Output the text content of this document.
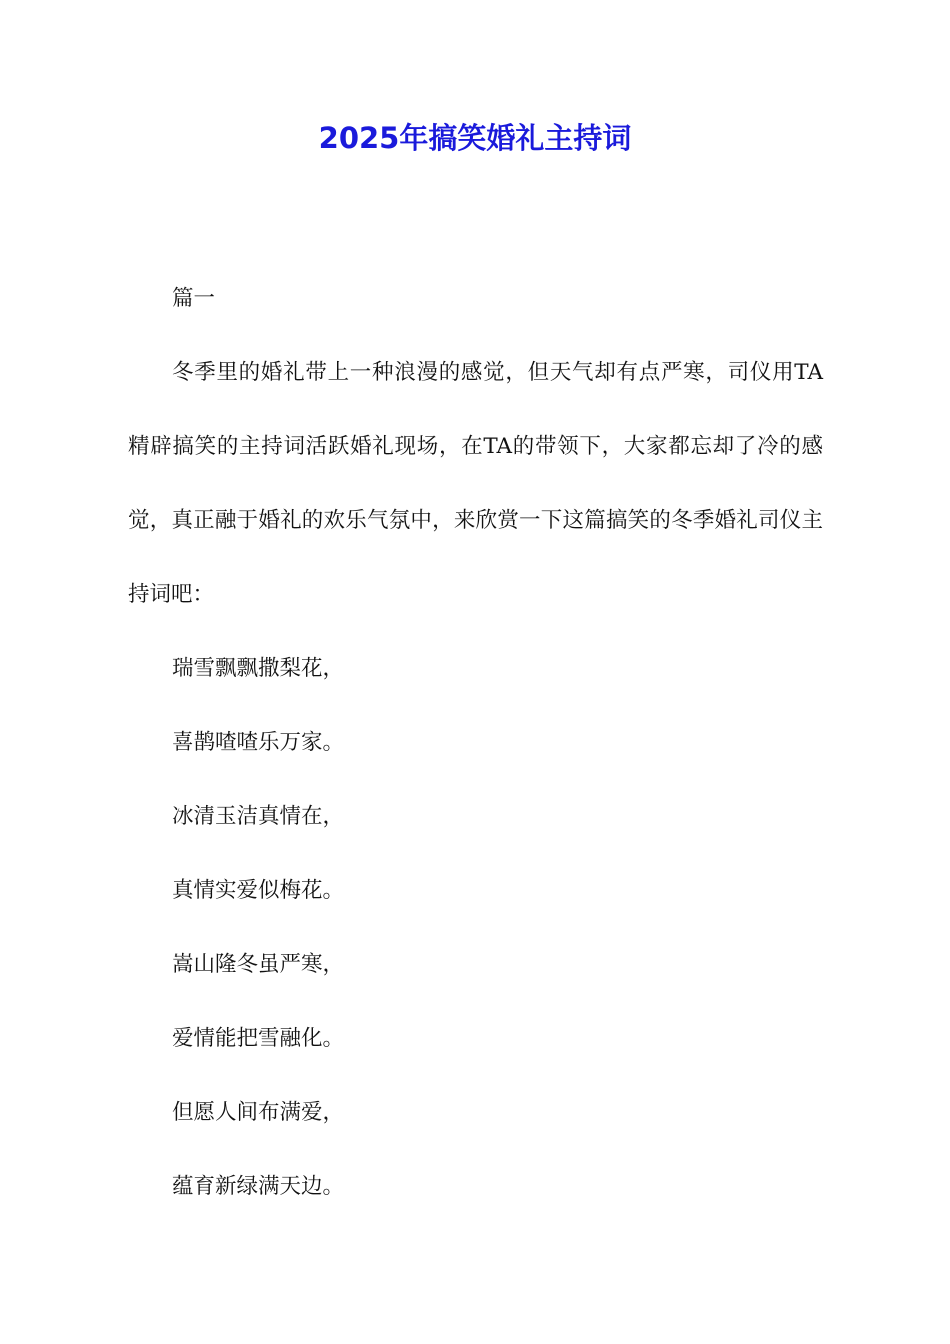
2025年搞笑婚礼主持词

篇一

冬季里的婚礼带上一种浪漫的感觉，但天气却有点严寒，司仪用TA精辟搞笑的主持词活跃婚礼现场，在TA的带领下，大家都忘却了冷的感觉，真正融于婚礼的欢乐气氛中，来欣赏一下这篇搞笑的冬季婚礼司仪主持词吧：

瑞雪飘飘撒梨花，

喜鹊喳喳乐万家。

冰清玉洁真情在，

真情实爱似梅花。

嵩山隆冬虽严寒，

爱情能把雪融化。

但愿人间布满爱，

蕴育新绿满天边。
